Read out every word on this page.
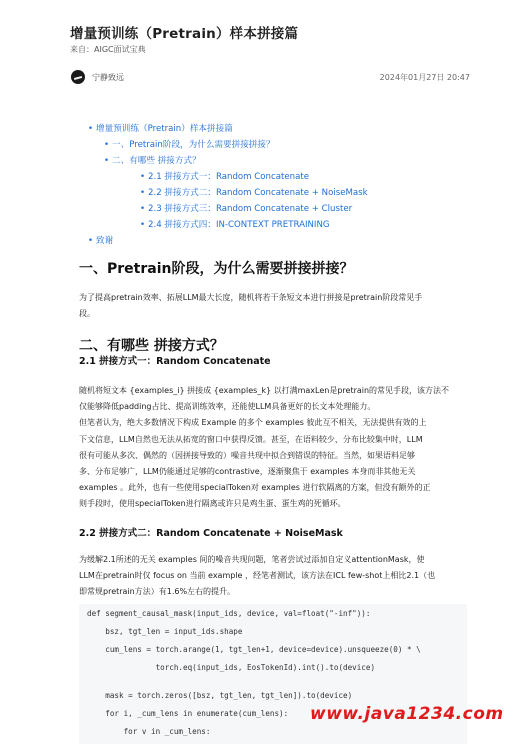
增量预训练（Pretrain）样本拼接篇
来自：AIGC面试宝典
宁静致远	2024年01月27日 20:47
• 增量预训练（Pretrain）样本拼接篇
• 一、Pretrain阶段，为什么需要拼接拼接？
• 二、有哪些 拼接方式？
• 2.1 拼接方式一：Random Concatenate
• 2.2 拼接方式二：Random Concatenate + NoiseMask
• 2.3 拼接方式三：Random Concatenate + Cluster
• 2.4 拼接方式四：IN-CONTEXT PRETRAINING
• 致谢
一、Pretrain阶段，为什么需要拼接拼接？
为了提高pretrain效率、拓展LLM最大长度，随机将若干条短文本进行拼接是pretrain阶段常见手
段。
二、有哪些 拼接方式？
2.1 拼接方式一：Random Concatenate
随机将短文本 {examples_i} 拼接成 {examples_k} 以打满maxLen是pretrain的常见手段，该方法不
仅能够降低padding占比、提高训练效率，还能使LLM具备更好的长文本处理能力。
但笔者认为，绝大多数情况下构成 Example 的多个 examples 彼此互不相关，无法提供有效的上
下文信息，LLM自然也无法从拓宽的窗口中获得反馈。甚至，在语料较少、分布比较集中时，LLM
很有可能从多次、偶然的（因拼接导致的）噪音共现中拟合到错误的特征。当然，如果语料足够
多、分布足够广，LLM仍能通过足够的contrastive，逐渐聚焦于 examples 本身而非其他无关
examples 。此外，也有一些使用specialToken对 examples 进行软隔离的方案，但没有额外的正
则手段时，使用specialToken进行隔离或许只是鸡生蛋、蛋生鸡的死循环。
2.2 拼接方式二：Random Concatenate + NoiseMask
为缓解2.1所述的无关 examples 间的噪音共现问题，笔者尝试过添加自定义attentionMask，使
LLM在pretrain时仅 focus on 当前 example ，经笔者测试，该方法在ICL few-shot上相比2.1（也
即常规pretrain方法）有1.6%左右的提升。
def segment_causal_mask(input_ids, device, val=float("-inf")):
bsz, tgt_len = input_ids.shape
cum_lens = torch.arange(1, tgt_len+1, device=device).unsqueeze(0) * \
torch.eq(input_ids, EosTokenId).int().to(device)
mask = torch.zeros([bsz, tgt_len, tgt_len]).to(device)
for i, _cum_lens in enumerate(cum_lens):
for v in _cum_lens:
www.java1234.com
